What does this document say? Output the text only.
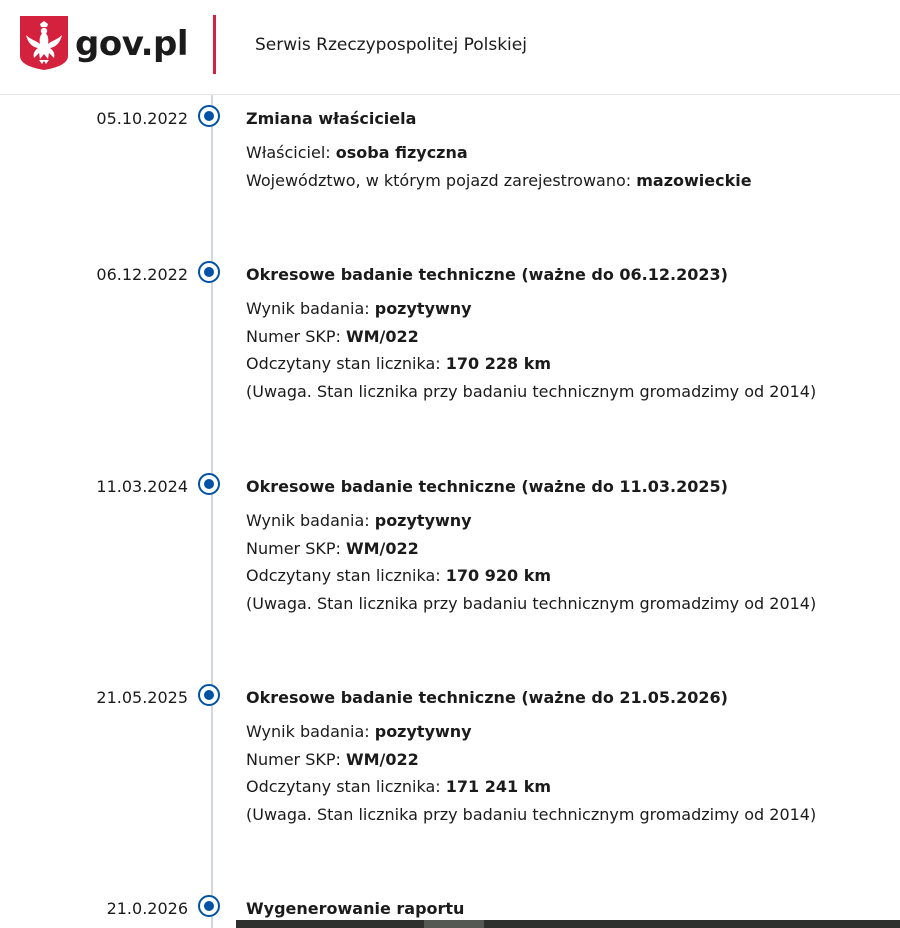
gov.pl	Serwis Rzeczypospolitej Polskiej
05.10.2022	Zmiana właściciela
Właściciel: osoba fizyczna
Województwo, w którym pojazd zarejestrowano: mazowieckie
06.12.2022	Okresowe badanie techniczne (ważne do 06.12.2023)
Wynik badania: pozytywny
Numer SKP: WM/022
Odczytany stan licznika: 170 228 km
(Uwaga. Stan licznika przy badaniu technicznym gromadzimy od 2014)
11.03.2024	Okresowe badanie techniczne (ważne do 11.03.2025)
Wynik badania: pozytywny
Numer SKP: WM/022
Odczytany stan licznika: 170 920 km
(Uwaga. Stan licznika przy badaniu technicznym gromadzimy od 2014)
21.05.2025	Okresowe badanie techniczne (ważne do 21.05.2026)
Wynik badania: pozytywny
Numer SKP: WM/022
Odczytany stan licznika: 171 241 km
(Uwaga. Stan licznika przy badaniu technicznym gromadzimy od 2014)
21.0.2026	Wygenerowanie raportu
